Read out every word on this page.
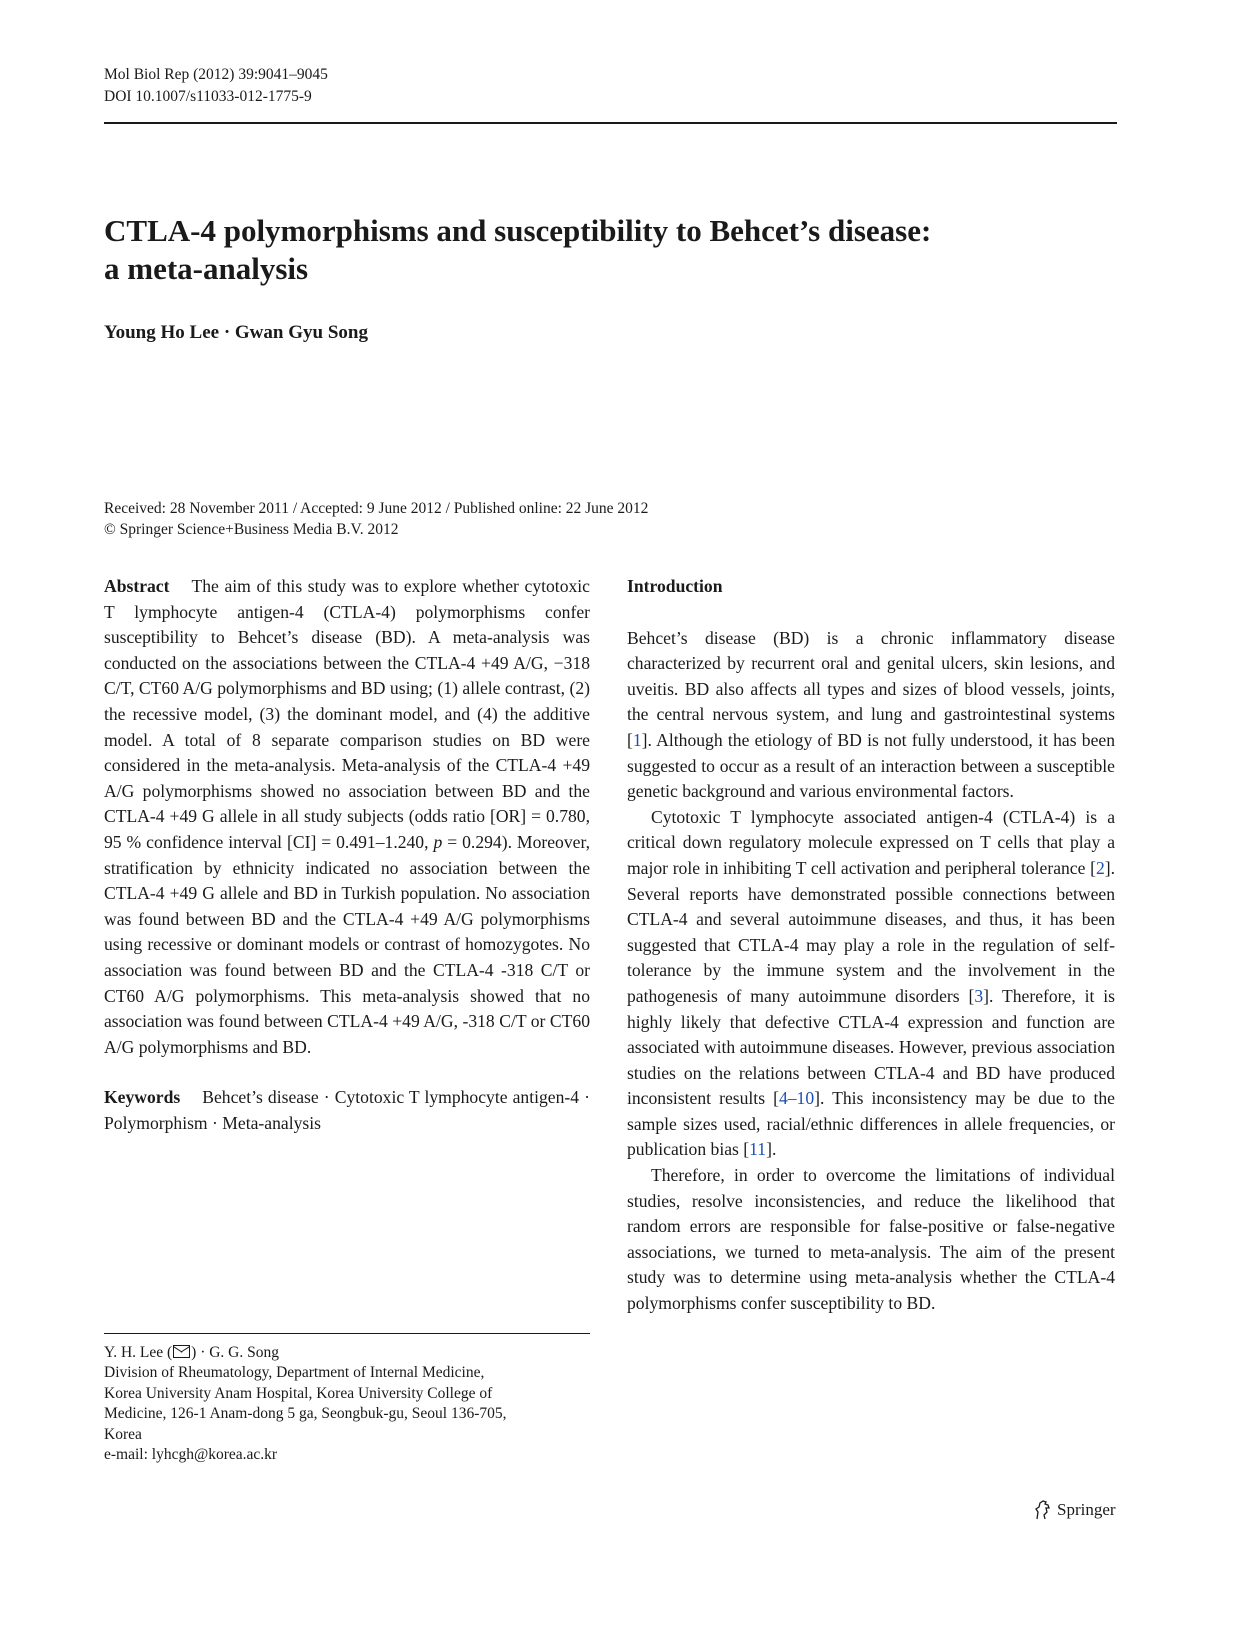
Mol Biol Rep (2012) 39:9041–9045
DOI 10.1007/s11033-012-1775-9
CTLA-4 polymorphisms and susceptibility to Behcet’s disease:
a meta-analysis
Young Ho Lee · Gwan Gyu Song
Received: 28 November 2011 / Accepted: 9 June 2012 / Published online: 22 June 2012
© Springer Science+Business Media B.V. 2012

Abstract The aim of this study was to explore whether cytotoxic T lymphocyte antigen-4 (CTLA-4) polymorphisms confer susceptibility to Behcet’s disease (BD). A meta-analysis was conducted on the associations between the CTLA-4 +49 A/G, −318 C/T, CT60 A/G polymorphisms and BD using; (1) allele contrast, (2) the recessive model, (3) the dominant model, and (4) the additive model. A total of 8 separate comparison studies on BD were considered in the meta-analysis. Meta-analysis of the CTLA-4 +49 A/G polymorphisms showed no association between BD and the CTLA-4 +49 G allele in all study subjects (odds ratio [OR] = 0.780, 95 % confidence interval [CI] = 0.491–1.240, p = 0.294). Moreover, stratification by ethnicity indicated no association between the CTLA-4 +49 G allele and BD in Turkish population. No association was found between BD and the CTLA-4 +49 A/G polymorphisms using recessive or dominant models or contrast of homozygotes. No association was found between BD and the CTLA-4 -318 C/T or CT60 A/G polymorphisms. This meta-analysis showed that no association was found between CTLA-4 +49 A/G, -318 C/T or CT60 A/G polymorphisms and BD.

Keywords Behcet’s disease · Cytotoxic T lymphocyte antigen-4 · Polymorphism · Meta-analysis

Y. H. Lee ( ) · G. G. Song
Division of Rheumatology, Department of Internal Medicine,
Korea University Anam Hospital, Korea University College of
Medicine, 126-1 Anam-dong 5 ga, Seongbuk-gu, Seoul 136-705,
Korea
e-mail: lyhcgh@korea.ac.kr

Introduction

Behcet’s disease (BD) is a chronic inflammatory disease characterized by recurrent oral and genital ulcers, skin lesions, and uveitis. BD also affects all types and sizes of blood vessels, joints, the central nervous system, and lung and gastrointestinal systems [1]. Although the etiology of BD is not fully understood, it has been suggested to occur as a result of an interaction between a susceptible genetic background and various environmental factors.

Cytotoxic T lymphocyte associated antigen-4 (CTLA-4) is a critical down regulatory molecule expressed on T cells that play a major role in inhibiting T cell activation and peripheral tolerance [2]. Several reports have demonstrated possible connections between CTLA-4 and several autoimmune diseases, and thus, it has been suggested that CTLA-4 may play a role in the regulation of self-tolerance by the immune system and the involvement in the pathogenesis of many autoimmune disorders [3]. Therefore, it is highly likely that defective CTLA-4 expression and function are associated with autoimmune diseases. However, previous association studies on the relations between CTLA-4 and BD have produced inconsistent results [4–10]. This inconsistency may be due to the sample sizes used, racial/ethnic differences in allele frequencies, or publication bias [11].

Therefore, in order to overcome the limitations of individual studies, resolve inconsistencies, and reduce the likelihood that random errors are responsible for false-positive or false-negative associations, we turned to meta-analysis. The aim of the present study was to determine using meta-analysis whether the CTLA-4 polymorphisms confer susceptibility to BD.

Springer
